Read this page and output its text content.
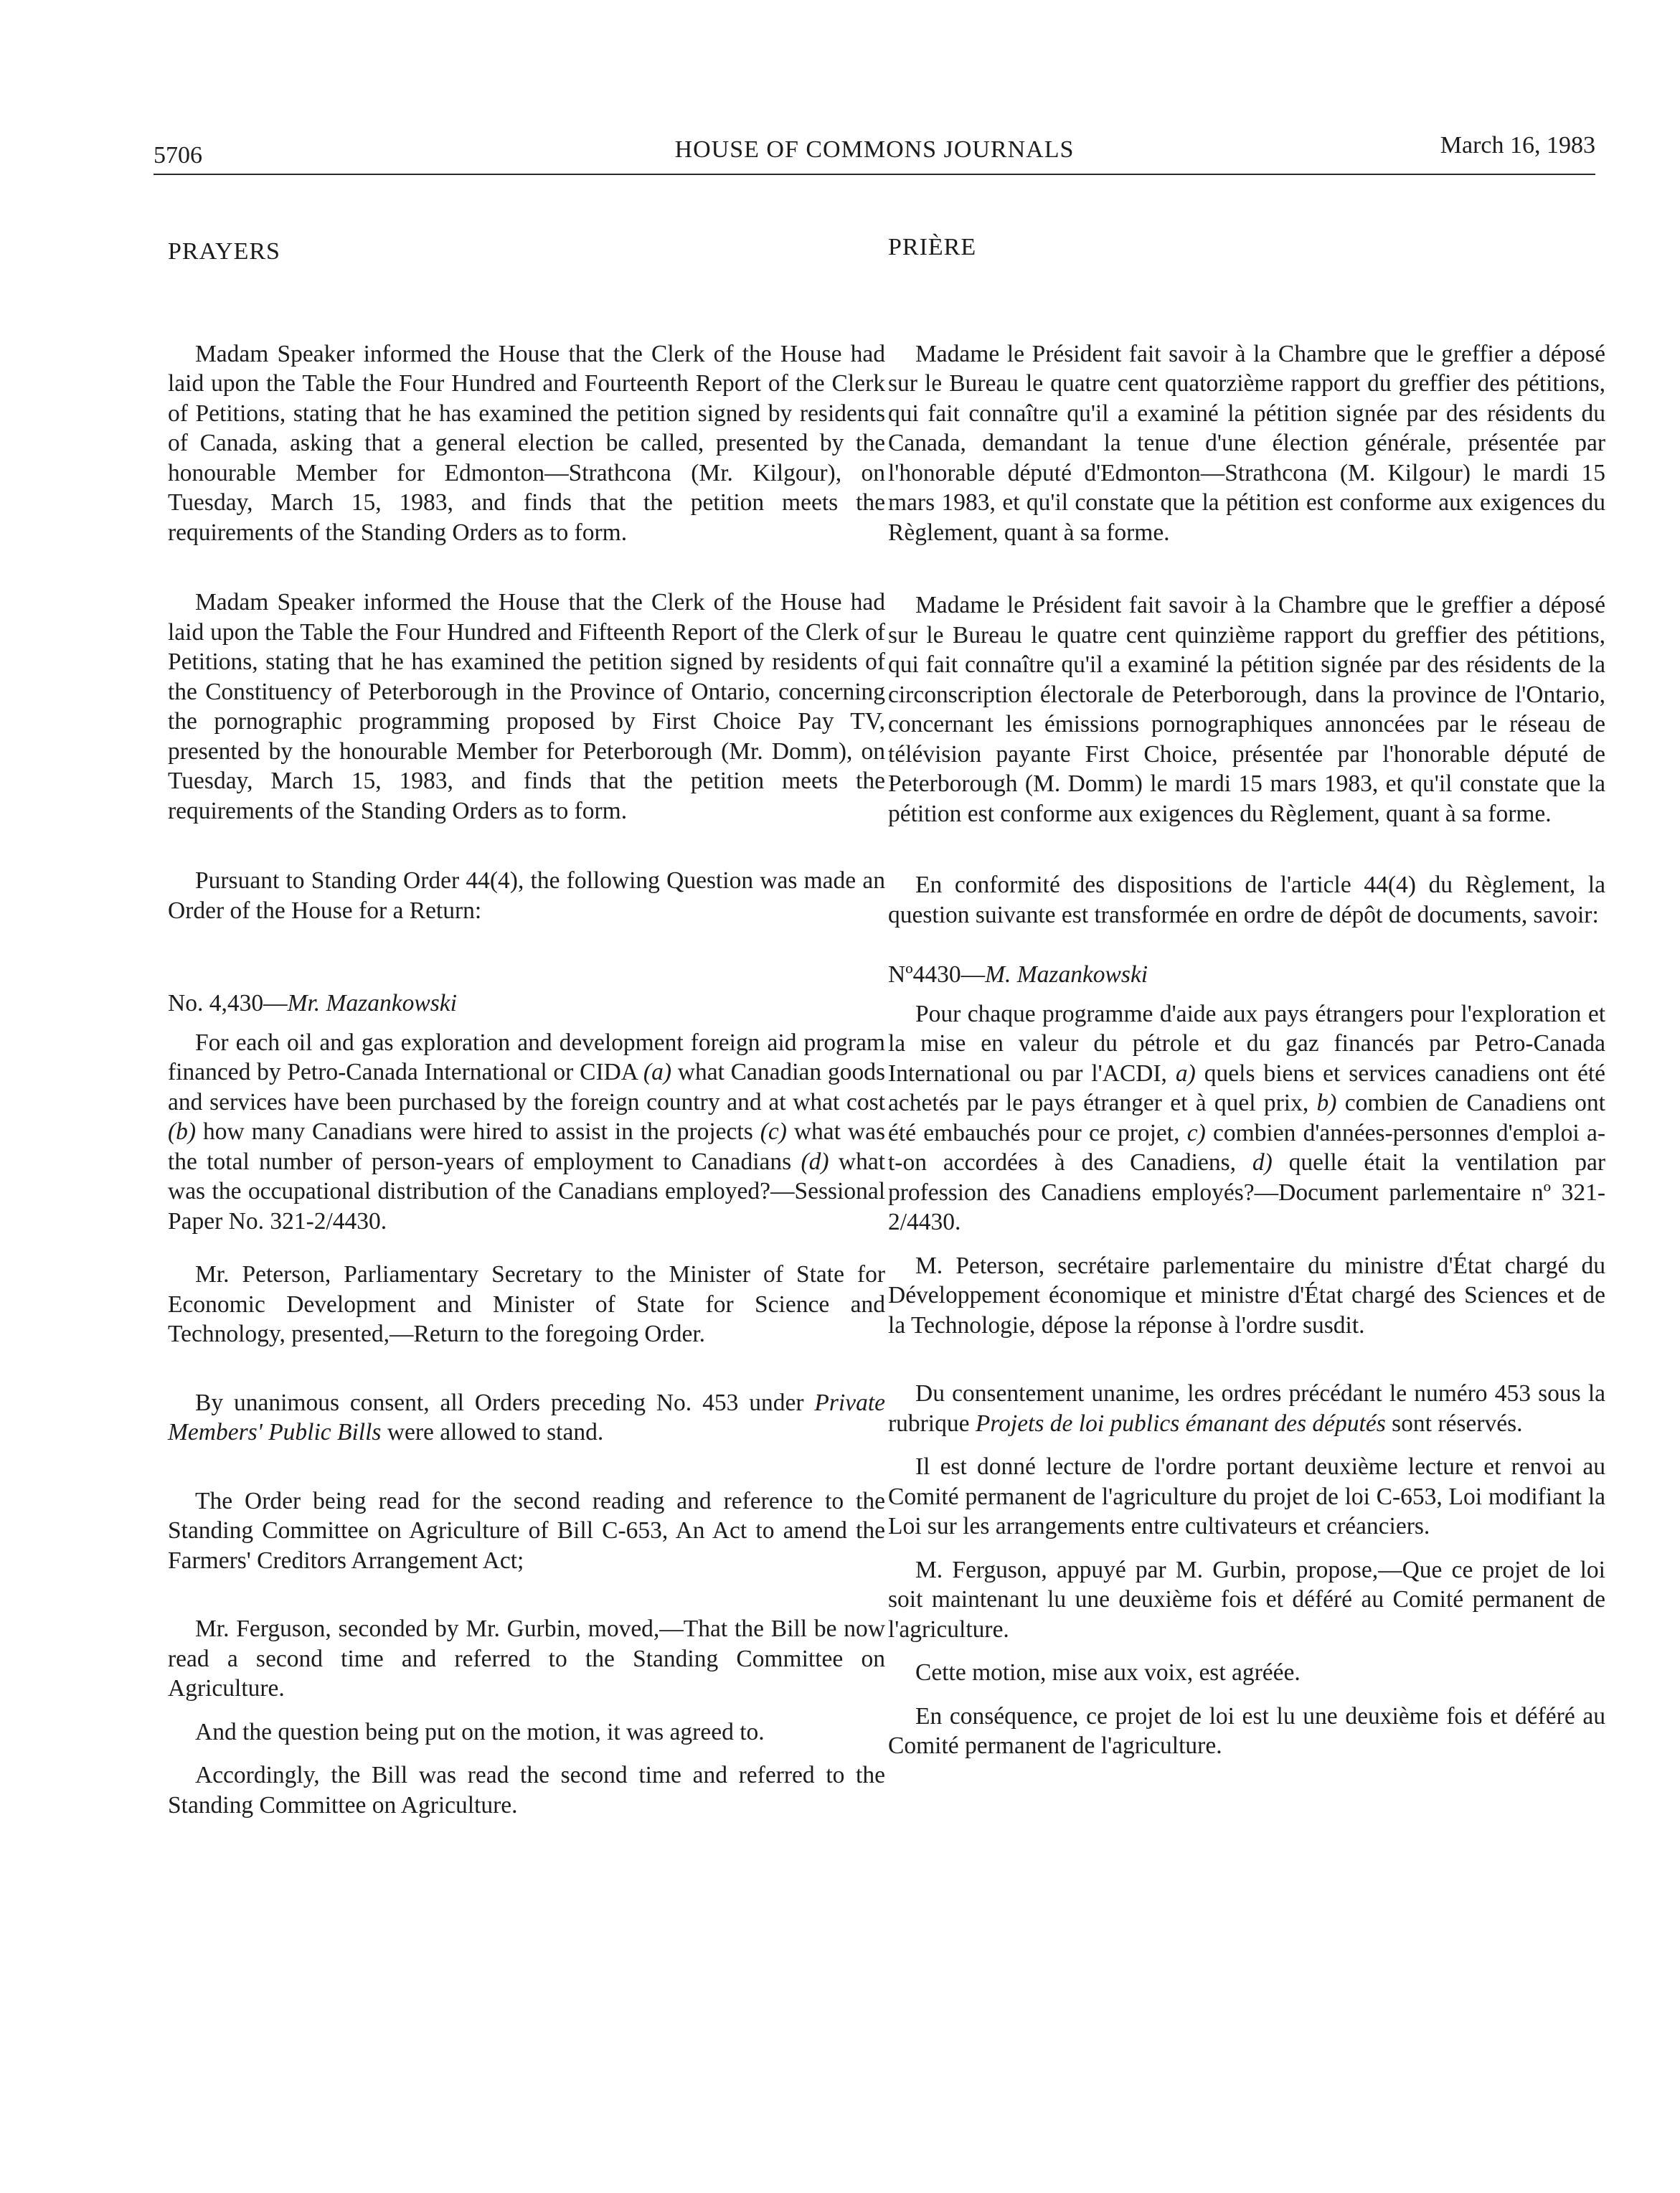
5706	HOUSE OF COMMONS JOURNALS	March 16, 1983
PRAYERS

Madam Speaker informed the House that the Clerk of the House had laid upon the Table the Four Hundred and Fourteenth Report of the Clerk of Petitions, stating that he has examined the petition signed by residents of Canada, asking that a general election be called, presented by the honourable Member for Edmonton—Strathcona (Mr. Kilgour), on Tuesday, March 15, 1983, and finds that the petition meets the requirements of the Standing Orders as to form.

Madam Speaker informed the House that the Clerk of the House had laid upon the Table the Four Hundred and Fifteenth Report of the Clerk of Petitions, stating that he has examined the petition signed by residents of the Constituency of Peterborough in the Province of Ontario, concerning the pornographic programming proposed by First Choice Pay TV, presented by the honourable Member for Peterborough (Mr. Domm), on Tuesday, March 15, 1983, and finds that the petition meets the requirements of the Standing Orders as to form.

Pursuant to Standing Order 44(4), the following Question was made an Order of the House for a Return:

No. 4,430—Mr. Mazankowski

For each oil and gas exploration and development foreign aid program financed by Petro-Canada International or CIDA (a) what Canadian goods and services have been purchased by the foreign country and at what cost (b) how many Canadians were hired to assist in the projects (c) what was the total number of person-years of employment to Canadians (d) what was the occupational distribution of the Canadians employed?—Sessional Paper No. 321-2/4430.

Mr. Peterson, Parliamentary Secretary to the Minister of State for Economic Development and Minister of State for Science and Technology, presented,—Return to the foregoing Order.

By unanimous consent, all Orders preceding No. 453 under Private Members' Public Bills were allowed to stand.

The Order being read for the second reading and reference to the Standing Committee on Agriculture of Bill C-653, An Act to amend the Farmers' Creditors Arrangement Act;

Mr. Ferguson, seconded by Mr. Gurbin, moved,—That the Bill be now read a second time and referred to the Standing Committee on Agriculture.

And the question being put on the motion, it was agreed to.

Accordingly, the Bill was read the second time and referred to the Standing Committee on Agriculture.

PRIÈRE

Madame le Président fait savoir à la Chambre que le greffier a déposé sur le Bureau le quatre cent quatorzième rapport du greffier des pétitions, qui fait connaître qu'il a examiné la pétition signée par des résidents du Canada, demandant la tenue d'une élection générale, présentée par l'honorable député d'Edmonton—Strathcona (M. Kilgour) le mardi 15 mars 1983, et qu'il constate que la pétition est conforme aux exigences du Règlement, quant à sa forme.

Madame le Président fait savoir à la Chambre que le greffier a déposé sur le Bureau le quatre cent quinzième rapport du greffier des pétitions, qui fait connaître qu'il a examiné la pétition signée par des résidents de la circonscription électorale de Peterborough, dans la province de l'Ontario, concernant les émissions pornographiques annoncées par le réseau de télévision payante First Choice, présentée par l'honorable député de Peterborough (M. Domm) le mardi 15 mars 1983, et qu'il constate que la pétition est conforme aux exigences du Règlement, quant à sa forme.

En conformité des dispositions de l'article 44(4) du Règlement, la question suivante est transformée en ordre de dépôt de documents, savoir:

Nº4430—M. Mazankowski

Pour chaque programme d'aide aux pays étrangers pour l'exploration et la mise en valeur du pétrole et du gaz financés par Petro-Canada International ou par l'ACDI, a) quels biens et services canadiens ont été achetés par le pays étranger et à quel prix, b) combien de Canadiens ont été embauchés pour ce projet, c) combien d'années-personnes d'emploi a-t-on accordées à des Canadiens, d) quelle était la ventilation par profession des Canadiens employés?—Document parlementaire nº 321-2/4430.

M. Peterson, secrétaire parlementaire du ministre d'État chargé du Développement économique et ministre d'État chargé des Sciences et de la Technologie, dépose la réponse à l'ordre susdit.

Du consentement unanime, les ordres précédant le numéro 453 sous la rubrique Projets de loi publics émanant des députés sont réservés.

Il est donné lecture de l'ordre portant deuxième lecture et renvoi au Comité permanent de l'agriculture du projet de loi C-653, Loi modifiant la Loi sur les arrangements entre cultivateurs et créanciers.

M. Ferguson, appuyé par M. Gurbin, propose,—Que ce projet de loi soit maintenant lu une deuxième fois et déféré au Comité permanent de l'agriculture.

Cette motion, mise aux voix, est agréée.

En conséquence, ce projet de loi est lu une deuxième fois et déféré au Comité permanent de l'agriculture.
